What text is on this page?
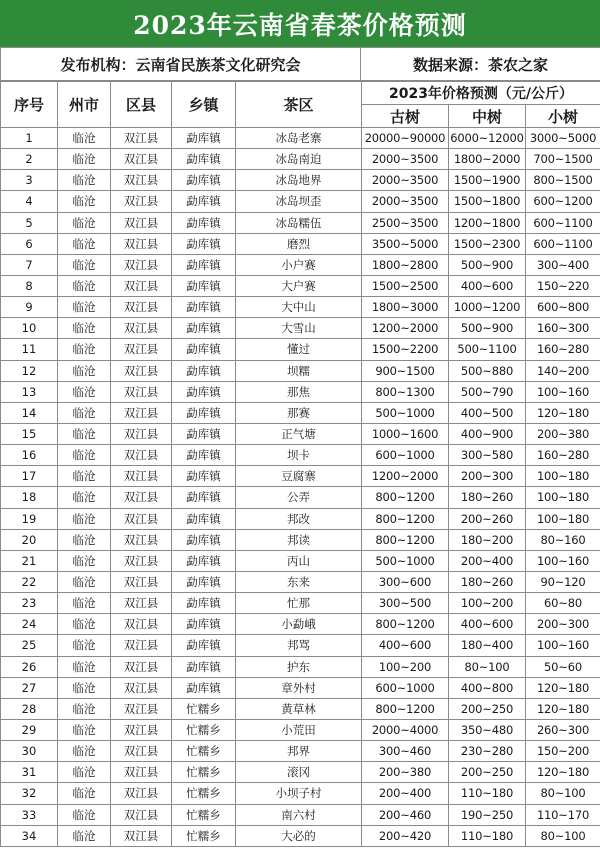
2023年云南省春茶价格预测
发布机构：云南省民族茶文化研究会	数据来源：茶农之家
序号	州市	区县	乡镇	茶区	2023年价格预测（元/公斤）		
					古树	中树	小树
1	临沧	双江县	勐库镇	冰岛老寨	20000~90000	6000~12000	3000~5000
2	临沧	双江县	勐库镇	冰岛南迫	2000~3500	1800~2000	700~1500
3	临沧	双江县	勐库镇	冰岛地界	2000~3500	1500~1900	800~1500
4	临沧	双江县	勐库镇	冰岛坝歪	2000~3500	1500~1800	600~1200
5	临沧	双江县	勐库镇	冰岛糯伍	2500~3500	1200~1800	600~1100
6	临沧	双江县	勐库镇	磨烈	3500~5000	1500~2300	600~1100
7	临沧	双江县	勐库镇	小户赛	1800~2800	500~900	300~400
8	临沧	双江县	勐库镇	大户赛	1500~2500	400~600	150~220
9	临沧	双江县	勐库镇	大中山	1800~3000	1000~1200	600~800
10	临沧	双江县	勐库镇	大雪山	1200~2000	500~900	160~300
11	临沧	双江县	勐库镇	懂过	1500~2200	500~1100	160~280
12	临沧	双江县	勐库镇	坝糯	900~1500	500~880	140~200
13	临沧	双江县	勐库镇	那焦	800~1300	500~790	100~160
14	临沧	双江县	勐库镇	那赛	500~1000	400~500	120~180
15	临沧	双江县	勐库镇	正气塘	1000~1600	400~900	200~380
16	临沧	双江县	勐库镇	坝卡	600~1000	300~580	160~280
17	临沧	双江县	勐库镇	豆腐寨	1200~2000	200~300	100~180
18	临沧	双江县	勐库镇	公弄	800~1200	180~260	100~180
19	临沧	双江县	勐库镇	邦改	800~1200	200~260	100~180
20	临沧	双江县	勐库镇	邦读	800~1200	180~200	80~160
21	临沧	双江县	勐库镇	丙山	500~1000	200~400	100~160
22	临沧	双江县	勐库镇	东来	300~600	180~260	90~120
23	临沧	双江县	勐库镇	忙那	300~500	100~200	60~80
24	临沧	双江县	勐库镇	小勐峨	800~1200	400~600	200~300
25	临沧	双江县	勐库镇	邦骂	400~600	180~400	100~160
26	临沧	双江县	勐库镇	护东	100~200	80~100	50~60
27	临沧	双江县	勐库镇	章外村	600~1000	400~800	120~180
28	临沧	双江县	忙糯乡	黄草林	800~1200	200~250	120~180
29	临沧	双江县	忙糯乡	小荒田	2000~4000	350~480	260~300
30	临沧	双江县	忙糯乡	邦界	300~460	230~280	150~200
31	临沧	双江县	忙糯乡	滚冈	200~380	200~250	120~180
32	临沧	双江县	忙糯乡	小坝子村	200~400	110~180	80~100
33	临沧	双江县	忙糯乡	南六村	200~460	190~250	110~170
34	临沧	双江县	忙糯乡	大必的	200~420	110~180	80~100
